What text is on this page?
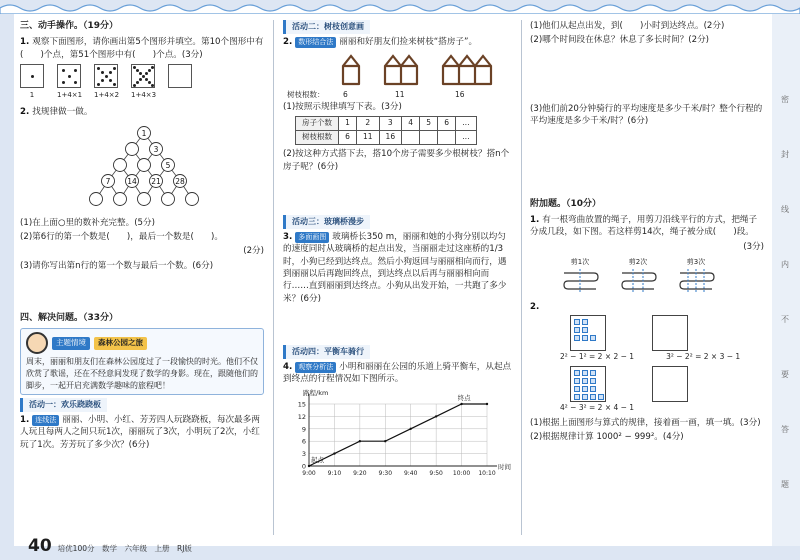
密
封
线
内
不
要
答
题
三、动手操作。（19分）
1. 观察下面图形，请你画出第5个图形并填空。第10个图形中有(　　)个点，第51个图形中有(　　)个点。(3分)
1	1+4×1 1+4×2 1+4×3
2. 找规律做一做。
1
3
5
7 14 21 28
(1)在上面○里的数补充完整。(5分)
(2)第6行的第一个数是(　　)，最后一个数是(　　)。
(2分)
(3)请你写出第n行的第一个数与最后一个数。(6分)
四、解决问题。（33分）
主题情境	森林公园之旅
周末，丽丽和朋友们在森林公园度过了一段愉快的时光。他们不仅欣赏了歌谣，还在不经意间发现了数学的身影。现在，跟随他们的脚步，一起开启充满数学趣味的旅程吧！
活动一：欢乐跷跷板
1. 连线法 丽丽、小明、小红、芳芳四人玩跷跷板，每次最多两人玩且每两人之间只玩1次，丽丽玩了3次，小明玩了2次，小红玩了1次。芳芳玩了多少次？(6分)
活动二：树枝创意画
2. 数形结合法 丽丽和好朋友们捡来树枝“搭房子”。
树枝根数：	6	11	16
(1)按照示规律填写下表。(3分)
房子个数	1	2	3	4	5	6	…
树枝根数	6	11	16				…
(2)按这种方式搭下去，搭10个房子需要多少根树枝？搭n个房子呢？(6分)
活动三：玻璃桥漫步
3. 多面画图 玻璃桥长350 m，丽丽和她的小狗分别以均匀的速度同时从玻璃桥的起点出发，当丽丽走过这座桥的1/3时，小狗已经到达终点。然后小狗返回与丽丽相向而行，遇到丽丽以后再跑回终点，到达终点以后再与丽丽相向而行……直到丽丽到达终点。小狗从出发开始，一共跑了多少米？(6分)
活动四：平衡车骑行
4. 观察分析法 小明和丽丽在公园的乐道上骑平衡车，从起点到终点的行程情况如下图所示。
0
3
6
9
12
15
9:00 9:10 9:20 9:30 9:40 9:50 10:00 10:10
路程/km
时间
起点
终点
(1)他们从起点出发，到(　　)小时到达终点。(2分)
(2)哪个时间段在休息？休息了多长时间？(2分)
(3)他们前20分钟骑行的平均速度是多少千米/时？整个行程的平均速度是多少千米/时？(6分)
附加题。（10分）
1. 有一根弯曲放置的绳子，用剪刀沿线平行的方式，把绳子分成几段，如下图。若这样剪14次，绳子被分成(　　)段。
(3分)
剪1次	剪2次	剪3次
2.
2² − 1² = 2 × 2 − 1	3² − 2² = 2 × 3 − 1
4² − 3² = 2 × 4 − 1
(1)根据上面图形与算式的规律，接着画一画，填一填。(3分)
(2)根据规律计算 1000² − 999²。(4分)
40 培优100分　数学　六年级　上册　RJ版
